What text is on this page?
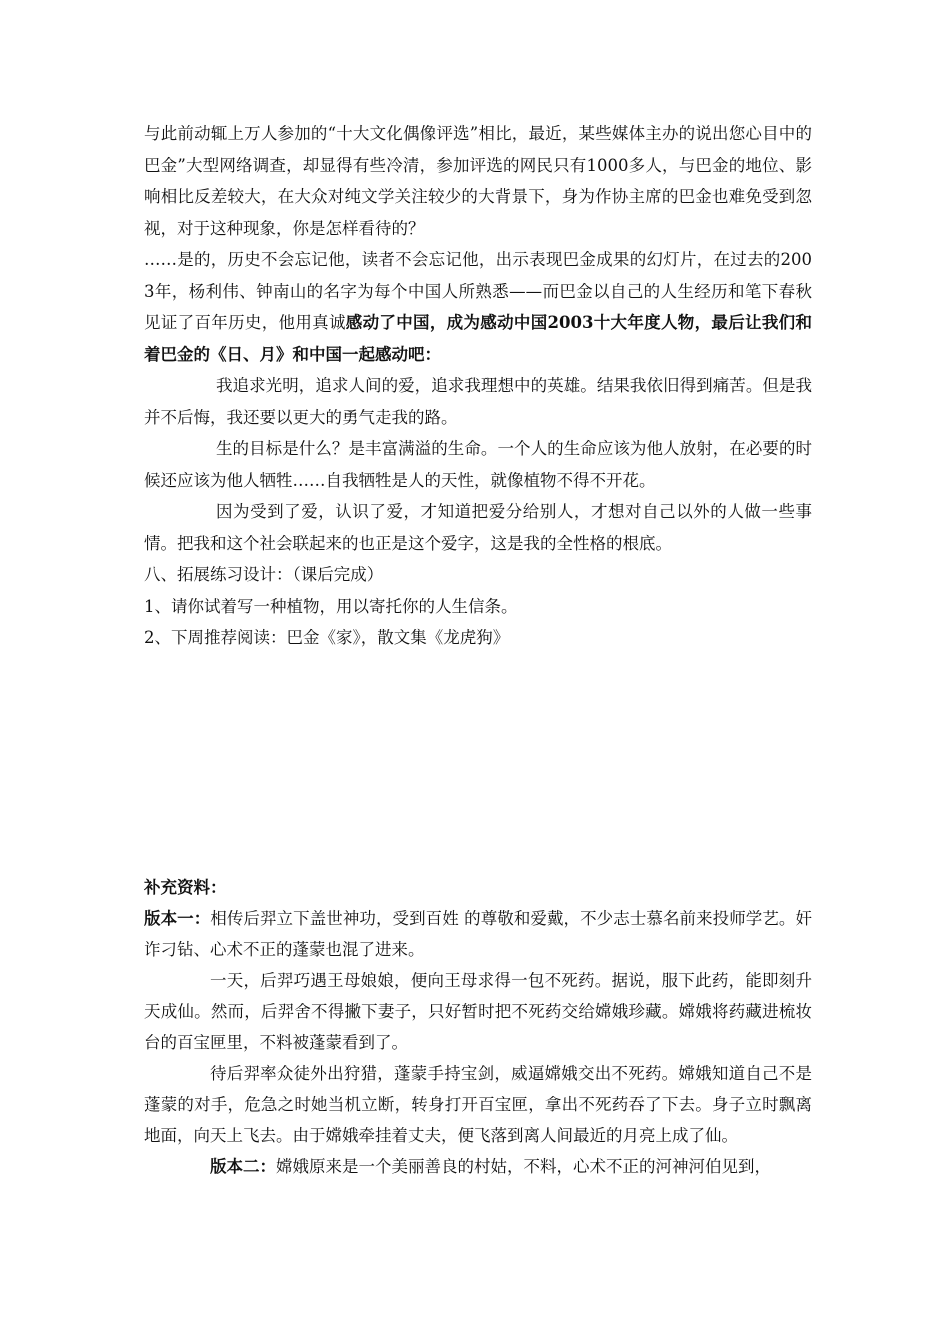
与此前动辄上万人参加的“十大文化偶像评选”相比，最近，某些媒体主办的说出您心目中的巴金”大型网络调查，却显得有些冷清，参加评选的网民只有1000多人，与巴金的地位、影响相比反差较大，在大众对纯文学关注较少的大背景下，身为作协主席的巴金也难免受到忽视，对于这种现象，你是怎样看待的？

……是的，历史不会忘记他，读者不会忘记他，出示表现巴金成果的幻灯片，在过去的2003年，杨利伟、钟南山的名字为每个中国人所熟悉——而巴金以自己的人生经历和笔下春秋见证了百年历史，他用真诚感动了中国，成为感动中国2003十大年度人物，最后让我们和着巴金的《日、月》和中国一起感动吧：

我追求光明，追求人间的爱，追求我理想中的英雄。结果我依旧得到痛苦。但是我并不后悔，我还要以更大的勇气走我的路。

生的目标是什么？是丰富满溢的生命。一个人的生命应该为他人放射，在必要的时候还应该为他人牺牲……自我牺牲是人的天性，就像植物不得不开花。

因为受到了爱，认识了爱，才知道把爱分给别人，才想对自己以外的人做一些事情。把我和这个社会联起来的也正是这个爱字，这是我的全性格的根底。

八、拓展练习设计：（课后完成）

1、请你试着写一种植物，用以寄托你的人生信条。

2、下周推荐阅读：巴金《家》，散文集《龙虎狗》

补充资料：

版本一：相传后羿立下盖世神功，受到百姓 的尊敬和爱戴，不少志士慕名前来投师学艺。奸诈刁钻、心术不正的蓬蒙也混了进来。

一天，后羿巧遇王母娘娘，便向王母求得一包不死药。据说，服下此药，能即刻升天成仙。然而，后羿舍不得撇下妻子，只好暂时把不死药交给嫦娥珍藏。嫦娥将药藏进梳妆台的百宝匣里，不料被蓬蒙看到了。

待后羿率众徒外出狩猎，蓬蒙手持宝剑，威逼嫦娥交出不死药。嫦娥知道自己不是蓬蒙的对手，危急之时她当机立断，转身打开百宝匣，拿出不死药吞了下去。身子立时飘离地面，向天上飞去。由于嫦娥牵挂着丈夫，便飞落到离人间最近的月亮上成了仙。

版本二：嫦娥原来是一个美丽善良的村姑，不料，心术不正的河神河伯见到，
